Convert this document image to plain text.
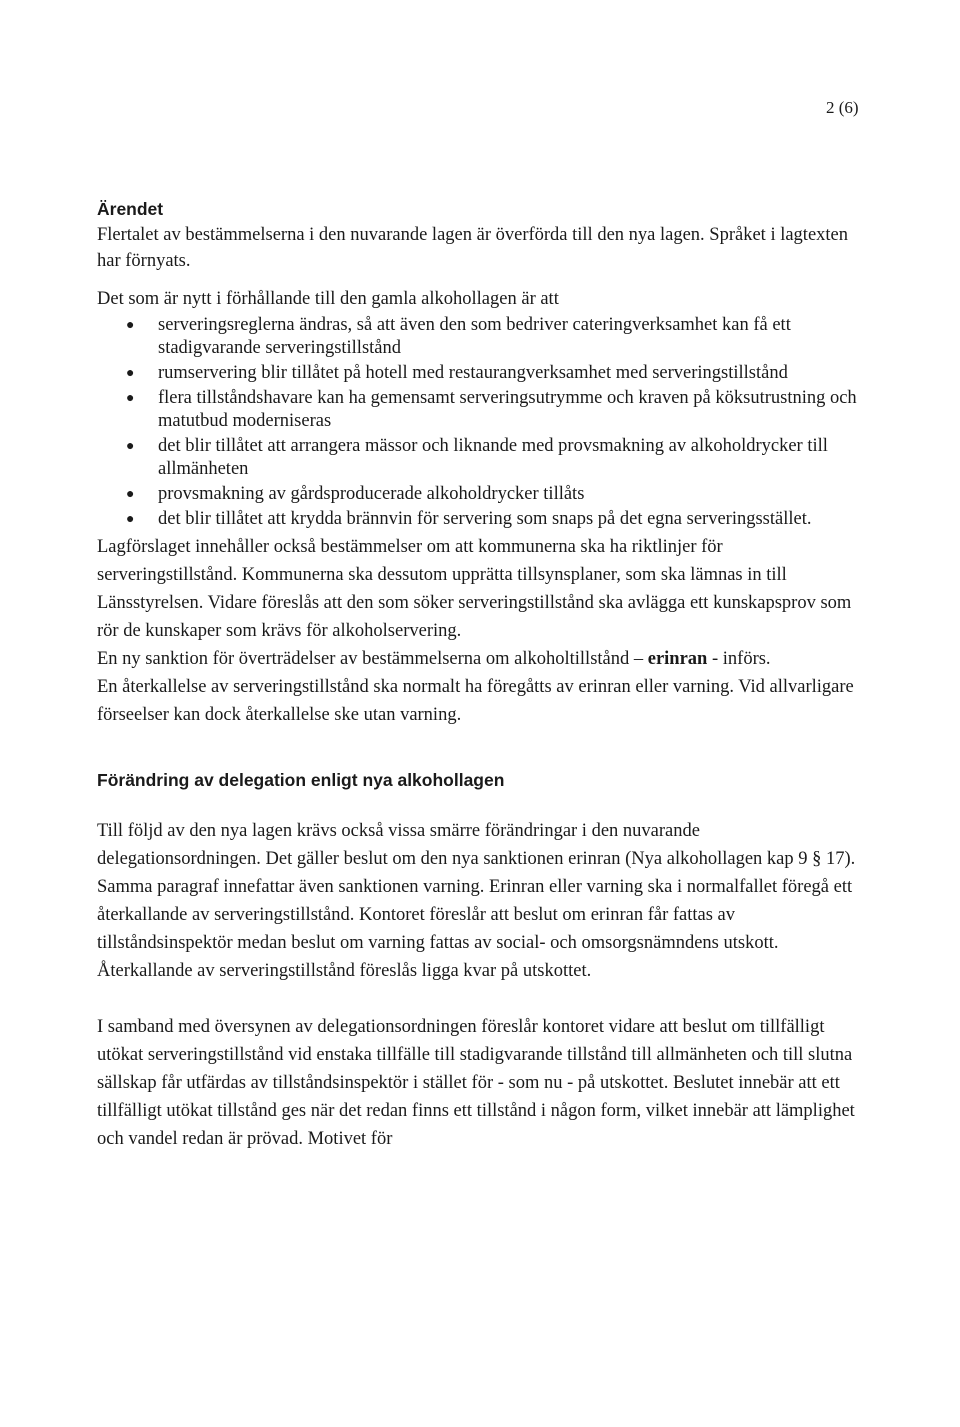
2 (6)
Ärendet

Flertalet av bestämmelserna i den nuvarande lagen är överförda till den nya lagen. Språket i lagtexten har förnyats.

Det som är nytt i förhållande till den gamla alkohollagen är att

● serveringsreglerna ändras, så att även den som bedriver cateringverksamhet kan få ett stadigvarande serveringstillstånd
● rumservering blir tillåtet på hotell med restaurangverksamhet med serveringstillstånd
● flera tillståndshavare kan ha gemensamt serveringsutrymme och kraven på köksutrustning och matutbud moderniseras
● det blir tillåtet att arrangera mässor och liknande med provsmakning av alkoholdrycker till allmänheten
● provsmakning av gårdsproducerade alkoholdrycker tillåts
● det blir tillåtet att krydda brännvin för servering som snaps på det egna serveringsstället.

Lagförslaget innehåller också bestämmelser om att kommunerna ska ha riktlinjer för serveringstillstånd. Kommunerna ska dessutom upprätta tillsynsplaner, som ska lämnas in till Länsstyrelsen. Vidare föreslås att den som söker serveringstillstånd ska avlägga ett kunskapsprov som rör de kunskaper som krävs för alkoholservering.

En ny sanktion för överträdelser av bestämmelserna om alkoholtillstånd – erinran - införs.

En återkallelse av serveringstillstånd ska normalt ha föregåtts av erinran eller varning. Vid allvarligare förseelser kan dock återkallelse ske utan varning.

Förändring av delegation enligt nya alkohollagen

Till följd av den nya lagen krävs också vissa smärre förändringar i den nuvarande delegationsordningen. Det gäller beslut om den nya sanktionen erinran (Nya alkohollagen kap 9 § 17). Samma paragraf innefattar även sanktionen varning. Erinran eller varning ska i normalfallet föregå ett återkallande av serveringstillstånd. Kontoret föreslår att beslut om erinran får fattas av tillståndsinspektör medan beslut om varning fattas av social- och omsorgsnämndens utskott. Återkallande av serveringstillstånd föreslås ligga kvar på utskottet.

I samband med översynen av delegationsordningen föreslår kontoret vidare att beslut om tillfälligt utökat serveringstillstånd vid enstaka tillfälle till stadigvarande tillstånd till allmänheten och till slutna sällskap får utfärdas av tillståndsinspektör i stället för - som nu - på utskottet. Beslutet innebär att ett tillfälligt utökat tillstånd ges när det redan finns ett tillstånd i någon form, vilket innebär att lämplighet och vandel redan är prövad. Motivet för
